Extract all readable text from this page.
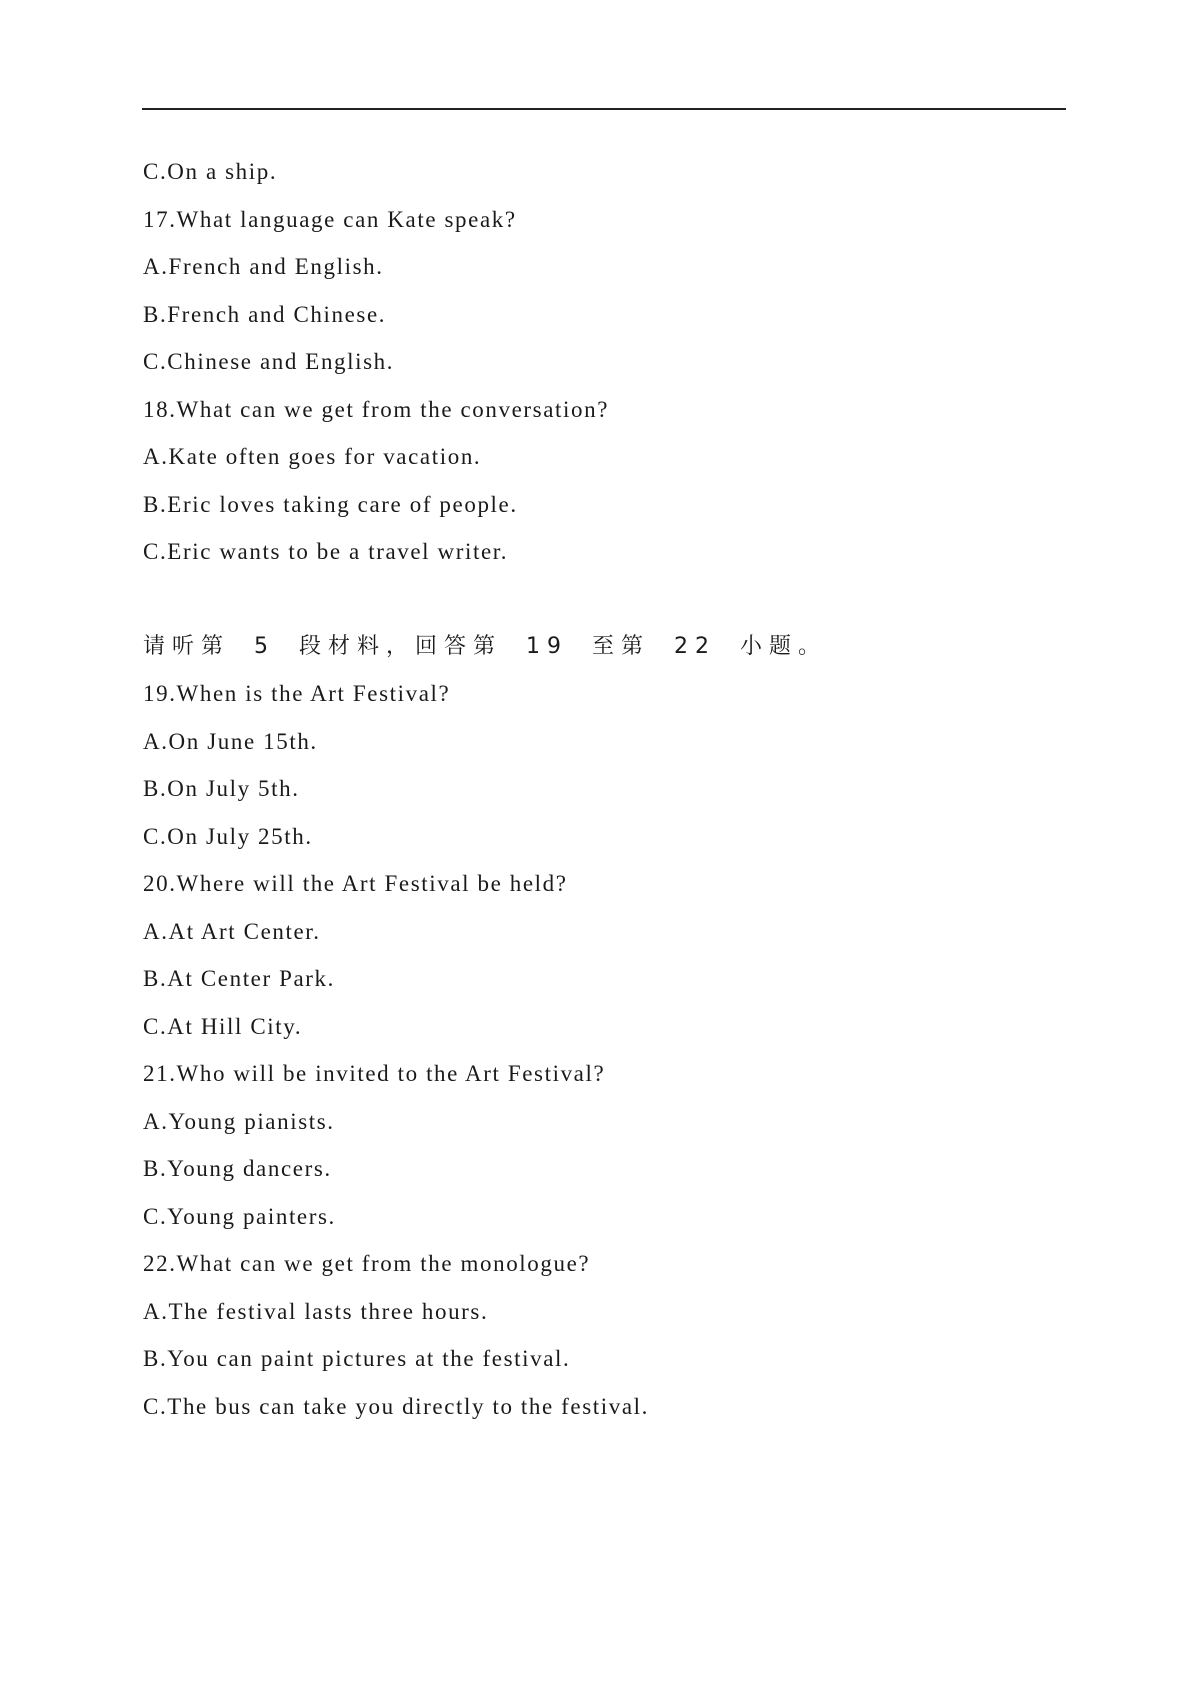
C.On a ship.
17.What language can Kate speak?
A.French and English.
B.French and Chinese.
C.Chinese and English.
18.What can we get from the conversation?
A.Kate often goes for vacation.
B.Eric loves taking care of people.
C.Eric wants to be a travel writer.
请听第 5 段材料，回答第 19 至第 22 小题。
19.When is the Art Festival?
A.On June 15th.
B.On July 5th.
C.On July 25th.
20.Where will the Art Festival be held?
A.At Art Center.
B.At Center Park.
C.At Hill City.
21.Who will be invited to the Art Festival?
A.Young pianists.
B.Young dancers.
C.Young painters.
22.What can we get from the monologue?
A.The festival lasts three hours.
B.You can paint pictures at the festival.
C.The bus can take you directly to the festival.
